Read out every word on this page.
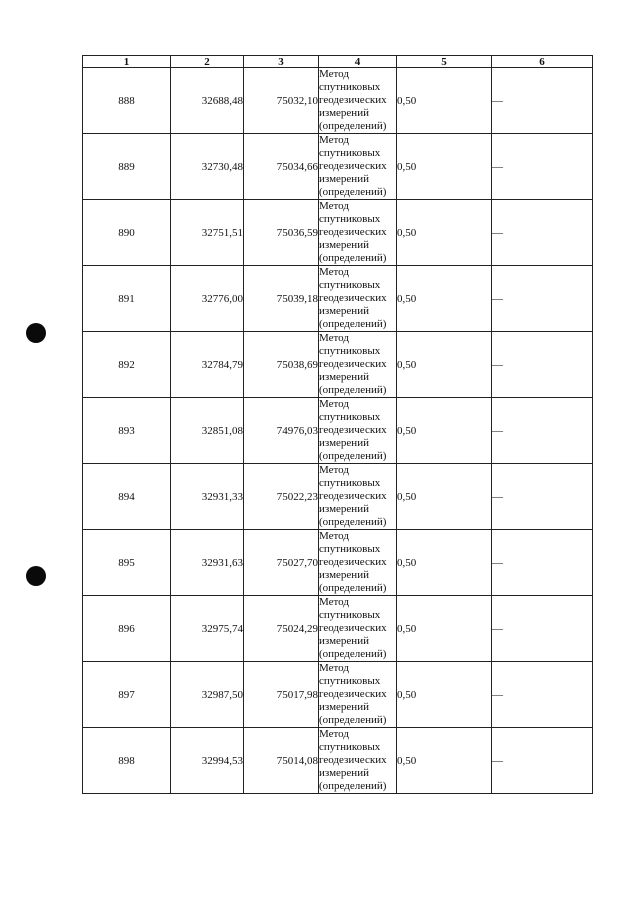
1	2	3	4	5	6
888	32688,48	75032,10	Метод
спутниковых
геодезических
измерений
(определений)	0,50	—
889	32730,48	75034,66	Метод
спутниковых
геодезических
измерений
(определений)	0,50	—
890	32751,51	75036,59	Метод
спутниковых
геодезических
измерений
(определений)	0,50	—
891	32776,00	75039,18	Метод
спутниковых
геодезических
измерений
(определений)	0,50	—
892	32784,79	75038,69	Метод
спутниковых
геодезических
измерений
(определений)	0,50	—
893	32851,08	74976,03	Метод
спутниковых
геодезических
измерений
(определений)	0,50	—
894	32931,33	75022,23	Метод
спутниковых
геодезических
измерений
(определений)	0,50	—
895	32931,63	75027,70	Метод
спутниковых
геодезических
измерений
(определений)	0,50	—
896	32975,74	75024,29	Метод
спутниковых
геодезических
измерений
(определений)	0,50	—
897	32987,50	75017,98	Метод
спутниковых
геодезических
измерений
(определений)	0,50	—
898	32994,53	75014,08	Метод
спутниковых
геодезических
измерений
(определений)	0,50	—
